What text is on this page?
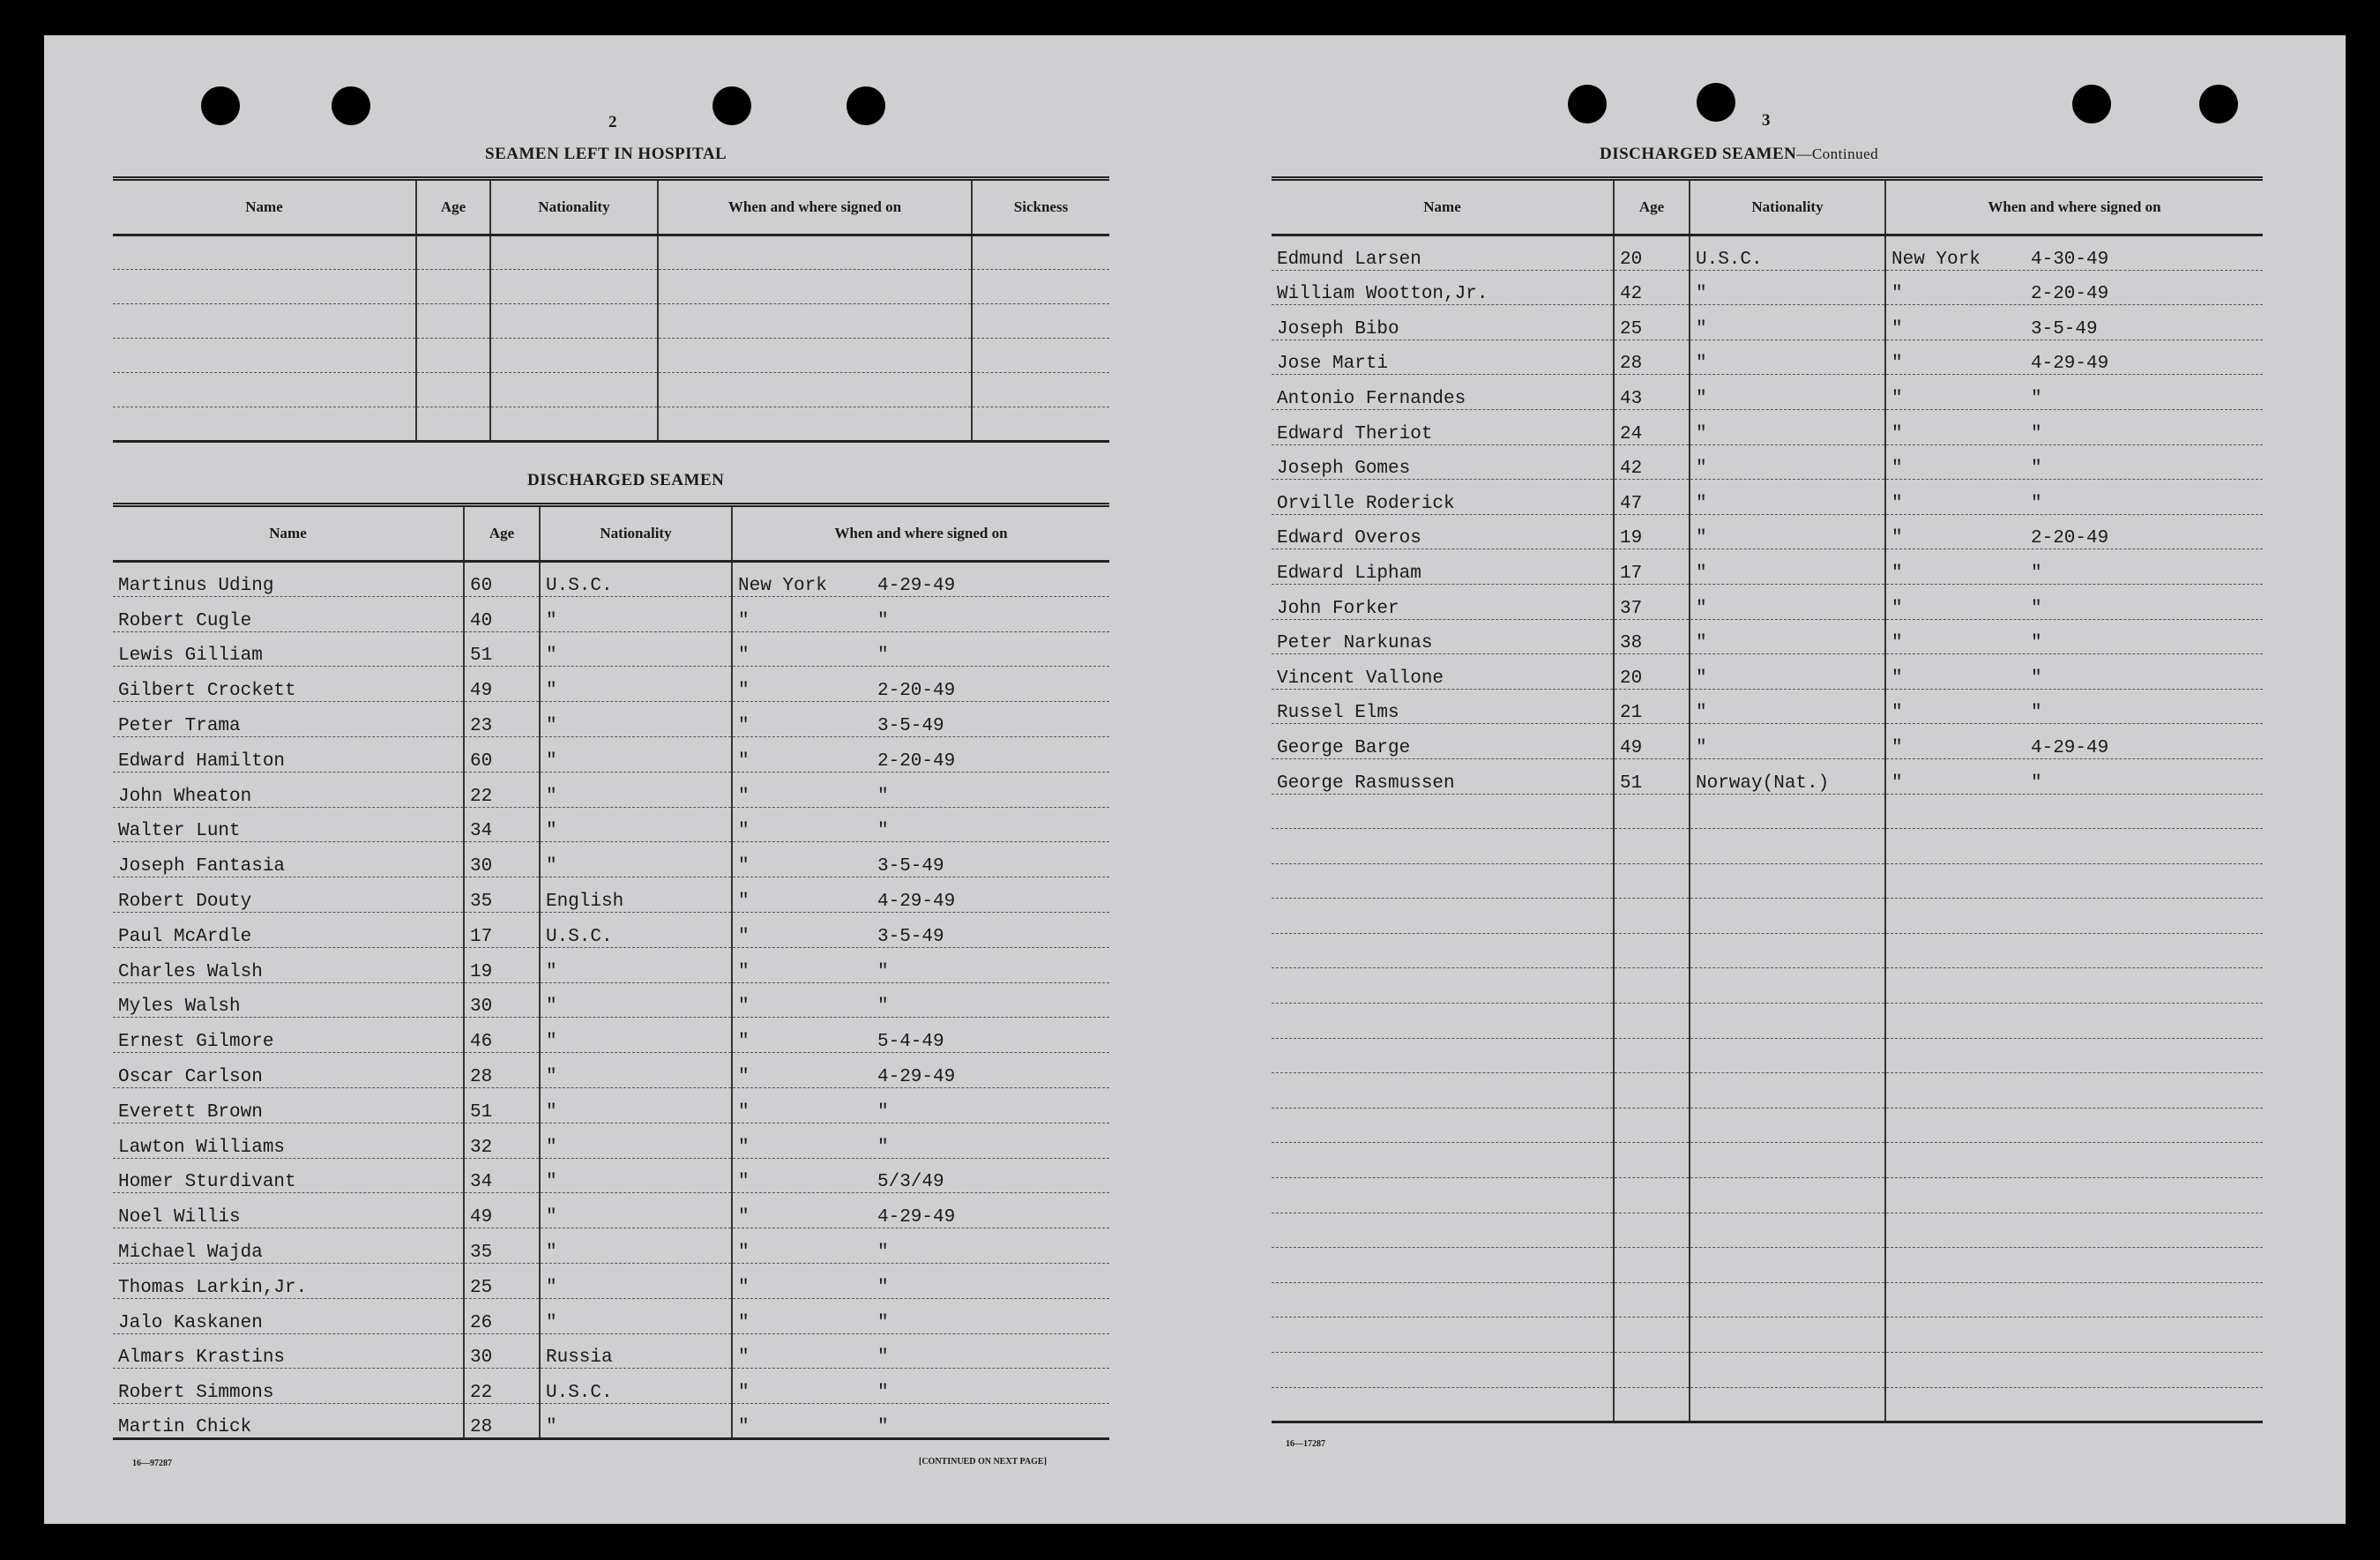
2
SEAMEN LEFT IN HOSPITAL
Name	Age	Nationality	When and where signed on	Sickness

DISCHARGED SEAMEN
Name	Age	Nationality	When and where signed on
Martinus Uding	60	U.S.C.	New York 4-29-49
Robert Cugle	40	"	" "
Lewis Gilliam	51	"	" "
Gilbert Crockett	49	"	" 2-20-49
Peter Trama	23	"	" 3-5-49
Edward Hamilton	60	"	" 2-20-49
John Wheaton	22	"	" "
Walter Lunt	34	"	" "
Joseph Fantasia	30	"	" 3-5-49
Robert Douty	35	English	" 4-29-49
Paul McArdle	17	U.S.C.	" 3-5-49
Charles Walsh	19	"	" "
Myles Walsh	30	"	" "
Ernest Gilmore	46	"	" 5-4-49
Oscar Carlson	28	"	" 4-29-49
Everett Brown	51	"	" "
Lawton Williams	32	"	" "
Homer Sturdivant	34	"	" 5/3/49
Noel Willis	49	"	" 4-29-49
Michael Wajda	35	"	" "
Thomas Larkin,Jr.	25	"	" "
Jalo Kaskanen	26	"	" "
Almars Krastins	30	Russia	" "
Robert Simmons	22	U.S.C.	" "
Martin Chick	28	"	" "
16—97287	[CONTINUED ON NEXT PAGE]
3
DISCHARGED SEAMEN—Continued
Name	Age	Nationality	When and where signed on
Edmund Larsen	20	U.S.C.	New York 4-30-49
William Wootton,Jr.	42	"	" 2-20-49
Joseph Bibo	25	"	" 3-5-49
Jose Marti	28	"	" 4-29-49
Antonio Fernandes	43	"	" "
Edward Theriot	24	"	" "
Joseph Gomes	42	"	" "
Orville Roderick	47	"	" "
Edward Overos	19	"	" 2-20-49
Edward Lipham	17	"	" "
John Forker	37	"	" "
Peter Narkunas	38	"	" "
Vincent Vallone	20	"	" "
Russel Elms	21	"	" "
George Barge	49	"	" 4-29-49
George Rasmussen	51	Norway(Nat.)	" "

16—17287
